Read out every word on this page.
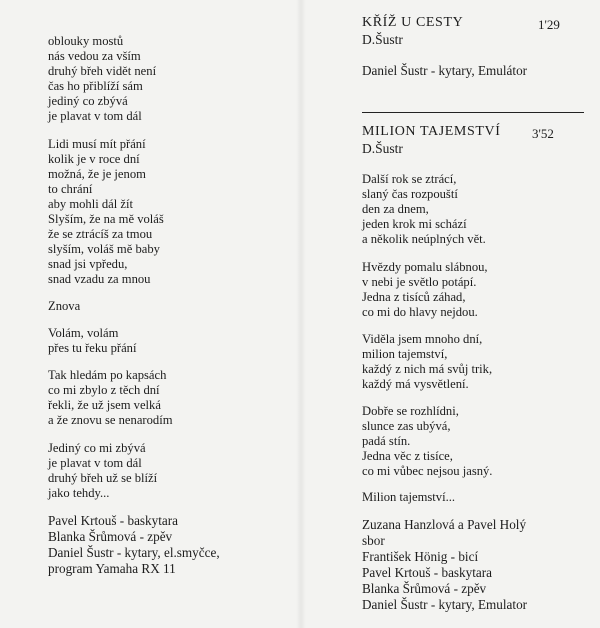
oblouky mostů
nás vedou za vším
druhý břeh vidět není
čas ho přiblíží sám
jediný co zbývá
je plavat v tom dál
Lidi musí mít přání
kolik je v roce dní
možná, že je jenom
to chrání
aby mohli dál žít
Slyším, že na mě voláš
že se ztrácíš za tmou
slyším, voláš mě baby
snad jsi vpředu,
snad vzadu za mnou
Znova
Volám, volám
přes tu řeku přání
Tak hledám po kapsách
co mi zbylo z těch dní
řekli, že už jsem velká
a že znovu se nenarodím
Jediný co mi zbývá
je plavat v tom dál
druhý břeh už se blíží
jako tehdy...
Pavel Krtouš - baskytara
Blanka Šrůmová - zpěv
Daniel Šustr - kytary, el.smyčce,
program Yamaha RX 11
KŘÍŽ U CESTY	1'29
D.Šustr
Daniel Šustr - kytary, Emulátor
MILION TAJEMSTVÍ 3'52
D.Šustr
Další rok se ztrácí,
slaný čas rozpouští
den za dnem,
jeden krok mi schází
a několik neúplných vět.
Hvězdy pomalu slábnou,
v nebi je světlo potápí.
Jedna z tisíců záhad,
co mi do hlavy nejdou.
Viděla jsem mnoho dní,
milion tajemství,
každý z nich má svůj trik,
každý má vysvětlení.
Dobře se rozhlídni,
slunce zas ubývá,
padá stín.
Jedna věc z tisíce,
co mi vůbec nejsou jasný.
Milion tajemství...
Zuzana Hanzlová a Pavel Holý
sbor
František Hönig - bicí
Pavel Krtouš - baskytara
Blanka Šrůmová - zpěv
Daniel Šustr - kytary, Emulator
